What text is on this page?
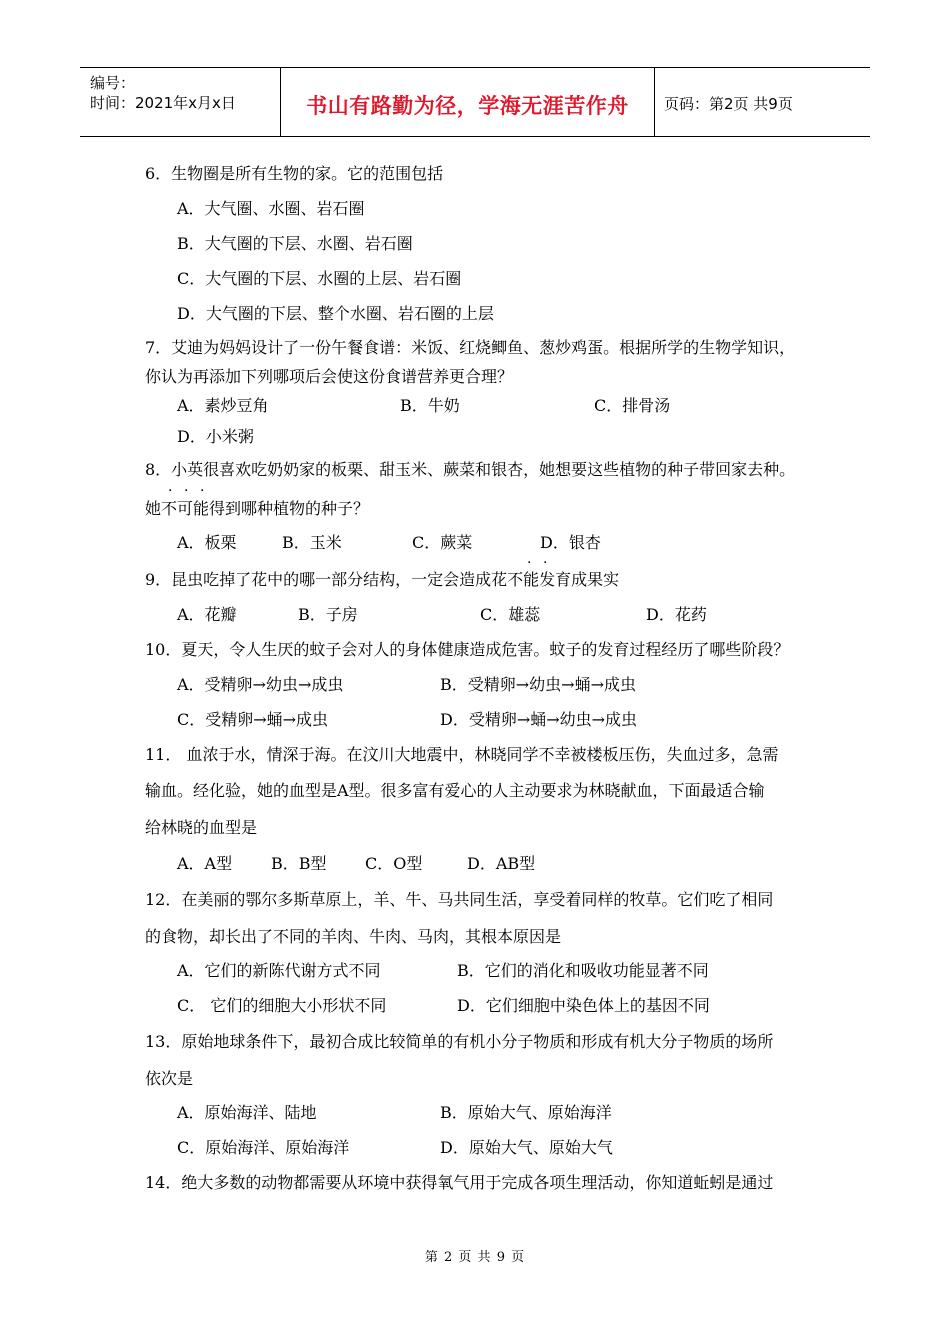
编号：
时间：2021年x月x日	书山有路勤为径，学海无涯苦作舟	页码：第2页 共9页
6．生物圈是所有生物的家。它的范围包括
A．大气圈、水圈、岩石圈
B．大气圈的下层、水圈、岩石圈
C．大气圈的下层、水圈的上层、岩石圈
D．大气圈的下层、整个水圈、岩石圈的上层
7．艾迪为妈妈设计了一份午餐食谱：米饭、红烧鲫鱼、葱炒鸡蛋。根据所学的生物学知识，
你认为再添加下列哪项后会使这份食谱营养更合理？
A．素炒豆角	B．牛奶	C．排骨汤
D．小米粥
8．小英很喜欢吃奶奶家的板栗、甜玉米、蕨菜和银杏，她想要这些植物的种子带回家去种。
· · ·
她不可能得到哪种植物的种子？
A．板栗	B．玉米	C．蕨菜	D．银杏
· ·
9．昆虫吃掉了花中的哪一部分结构，一定会造成花不能发育成果实
A．花瓣	B．子房	C．雄蕊	D．花药
10．夏天，令人生厌的蚊子会对人的身体健康造成危害。蚊子的发育过程经历了哪些阶段？
A．受精卵→幼虫→成虫	B．受精卵→幼虫→蛹→成虫
C．受精卵→蛹→成虫	D．受精卵→蛹→幼虫→成虫
11． 血浓于水，情深于海。在汶川大地震中，林晓同学不幸被楼板压伤，失血过多，急需
输血。经化验，她的血型是A型。很多富有爱心的人主动要求为林晓献血，下面最适合输
给林晓的血型是
A．A型 B．B型 C．O型	D．AB型
12．在美丽的鄂尔多斯草原上，羊、牛、马共同生活，享受着同样的牧草。它们吃了相同
的食物，却长出了不同的羊肉、牛肉、马肉，其根本原因是
A．它们的新陈代谢方式不同	B．它们的消化和吸收功能显著不同
C． 它们的细胞大小形状不同	D．它们细胞中染色体上的基因不同
13．原始地球条件下，最初合成比较简单的有机小分子物质和形成有机大分子物质的场所
依次是
A．原始海洋、陆地	B．原始大气、原始海洋
C．原始海洋、原始海洋	D．原始大气、原始大气
14．绝大多数的动物都需要从环境中获得氧气用于完成各项生理活动，你知道蚯蚓是通过
第 2 页 共 9 页
